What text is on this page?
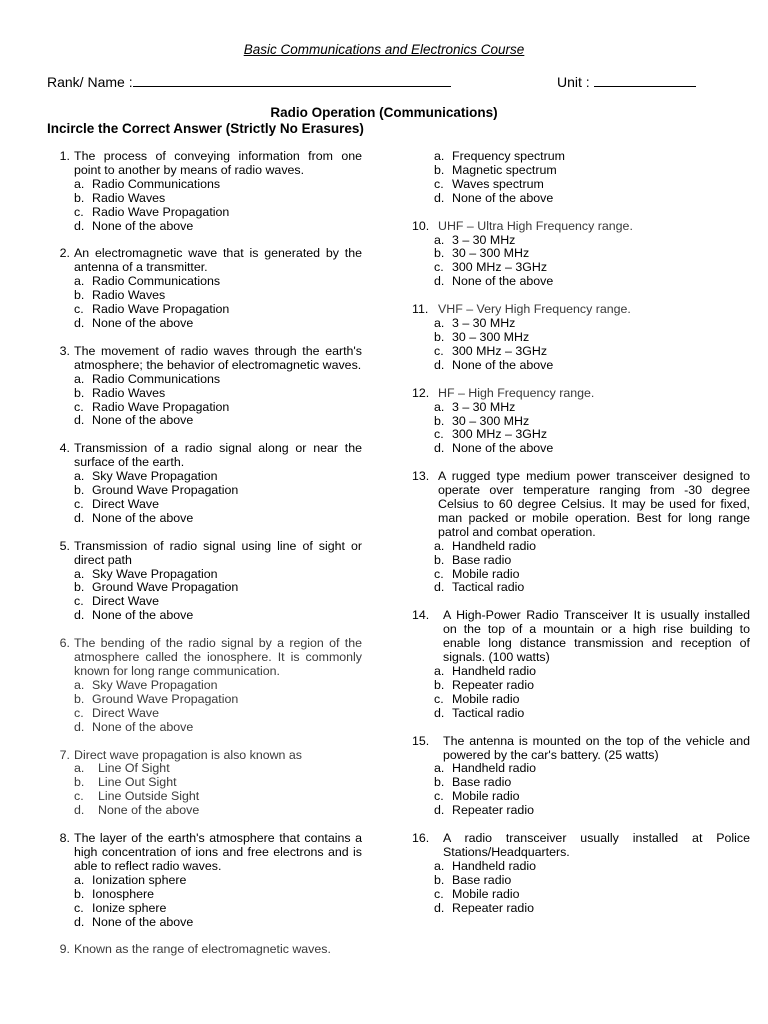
Basic Communications and Electronics Course
Rank/ Name :	Unit :
Radio Operation (Communications)
Incircle the Correct Answer (Strictly No Erasures)
1. The process of conveying information from one point to another by means of radio waves.
a. Radio Communications
b. Radio Waves
c. Radio Wave Propagation
d. None of the above
2. An electromagnetic wave that is generated by the antenna of a transmitter.
a. Radio Communications
b. Radio Waves
c. Radio Wave Propagation
d. None of the above
3. The movement of radio waves through the earth's atmosphere; the behavior of electromagnetic waves.
a. Radio Communications
b. Radio Waves
c. Radio Wave Propagation
d. None of the above
4. Transmission of a radio signal along or near the surface of the earth.
a. Sky Wave Propagation
b. Ground Wave Propagation
c. Direct Wave
d. None of the above
5. Transmission of radio signal using line of sight or direct path
a. Sky Wave Propagation
b. Ground Wave Propagation
c. Direct Wave
d. None of the above
6. The bending of the radio signal by a region of the atmosphere called the ionosphere. It is commonly known for long range communication.
a. Sky Wave Propagation
b. Ground Wave Propagation
c. Direct Wave
d. None of the above
7. Direct wave propagation is also known as
a. Line Of Sight
b. Line Out Sight
c. Line Outside Sight
d. None of the above
8. The layer of the earth's atmosphere that contains a high concentration of ions and free electrons and is able to reflect radio waves.
a. Ionization sphere
b. Ionosphere
c. Ionize sphere
d. None of the above
9. Known as the range of electromagnetic waves.
a. Frequency spectrum
b. Magnetic spectrum
c. Waves spectrum
d. None of the above
10. UHF – Ultra High Frequency range.
a. 3 – 30 MHz
b. 30 – 300 MHz
c. 300 MHz – 3GHz
d. None of the above
11. VHF – Very High Frequency range.
a. 3 – 30 MHz
b. 30 – 300 MHz
c. 300 MHz – 3GHz
d. None of the above
12. HF – High Frequency range.
a. 3 – 30 MHz
b. 30 – 300 MHz
c. 300 MHz – 3GHz
d. None of the above
13. A rugged type medium power transceiver designed to operate over temperature ranging from -30 degree Celsius to 60 degree Celsius. It may be used for fixed, man packed or mobile operation. Best for long range patrol and combat operation.
a. Handheld radio
b. Base radio
c. Mobile radio
d. Tactical radio
14.	A High-Power Radio Transceiver It is usually installed on the top of a mountain or a high rise building to enable long distance transmission and reception of signals. (100 watts)
a. Handheld radio
b. Repeater radio
c. Mobile radio
d. Tactical radio
15.	The antenna is mounted on the top of the vehicle and powered by the car's battery. (25 watts)
a. Handheld radio
b. Base radio
c. Mobile radio
d. Repeater radio
16.	A radio transceiver usually installed at Police Stations/Headquarters.
a. Handheld radio
b. Base radio
c. Mobile radio
d. Repeater radio
